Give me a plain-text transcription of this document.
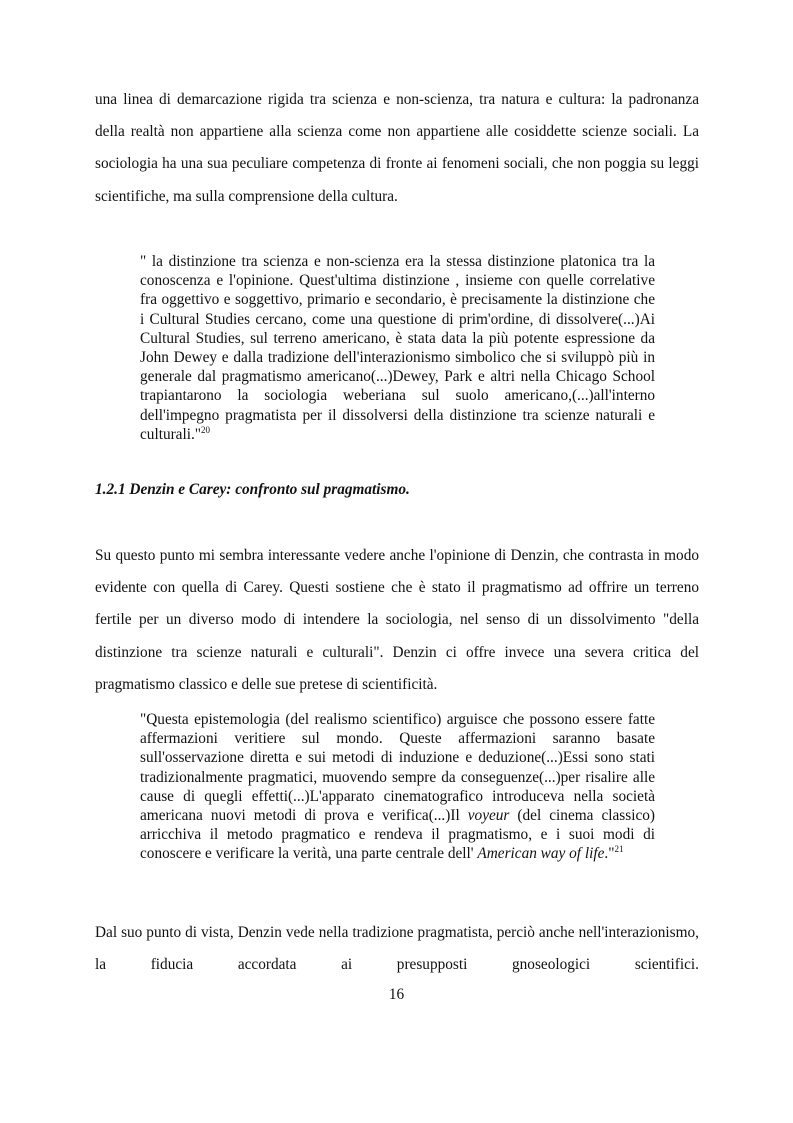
una linea di demarcazione rigida tra scienza e non-scienza, tra natura e cultura: la padronanza della realtà non appartiene alla scienza come non appartiene alle cosiddette scienze sociali. La sociologia ha una sua peculiare competenza di fronte ai fenomeni sociali, che non poggia su leggi scientifiche, ma sulla comprensione della cultura.

" la distinzione tra scienza e non-scienza era la stessa distinzione platonica tra la conoscenza e l'opinione. Quest'ultima distinzione , insieme con quelle correlative fra oggettivo e soggettivo, primario e secondario, è precisamente la distinzione che i Cultural Studies cercano, come una questione di prim'ordine, di dissolvere(...)Ai Cultural Studies, sul terreno americano, è stata data la più potente espressione da John Dewey e dalla tradizione dell'interazionismo simbolico che si sviluppò più in generale dal pragmatismo americano(...)Dewey, Park e altri nella Chicago School trapiantarono la sociologia weberiana sul suolo americano,(...)all'interno dell'impegno pragmatista per il dissolversi della distinzione tra scienze naturali e culturali."$^{20}$

1.2.1 Denzin e Carey: confronto sul pragmatismo.

Su questo punto mi sembra interessante vedere anche l'opinione di Denzin, che contrasta in modo evidente con quella di Carey. Questi sostiene che è stato il pragmatismo ad offrire un terreno fertile per un diverso modo di intendere la sociologia, nel senso di un dissolvimento "della distinzione tra scienze naturali e culturali". Denzin ci offre invece una severa critica del pragmatismo classico e delle sue pretese di scientificità.

"Questa epistemologia (del realismo scientifico) arguisce che possono essere fatte affermazioni veritiere sul mondo. Queste affermazioni saranno basate sull'osservazione diretta e sui metodi di induzione e deduzione(...)Essi sono stati tradizionalmente pragmatici, muovendo sempre da conseguenze(...)per risalire alle cause di quegli effetti(...)L'apparato cinematografico introduceva nella società americana nuovi metodi di prova e verifica(...)Il voyeur (del cinema classico) arricchiva il metodo pragmatico e rendeva il pragmatismo, e i suoi modi di conoscere e verificare la verità, una parte centrale dell' American way of life."$^{21}$

Dal suo punto di vista, Denzin vede nella tradizione pragmatista, perciò anche nell'interazionismo, la fiducia accordata ai presupposti gnoseologici scientifici.

16
